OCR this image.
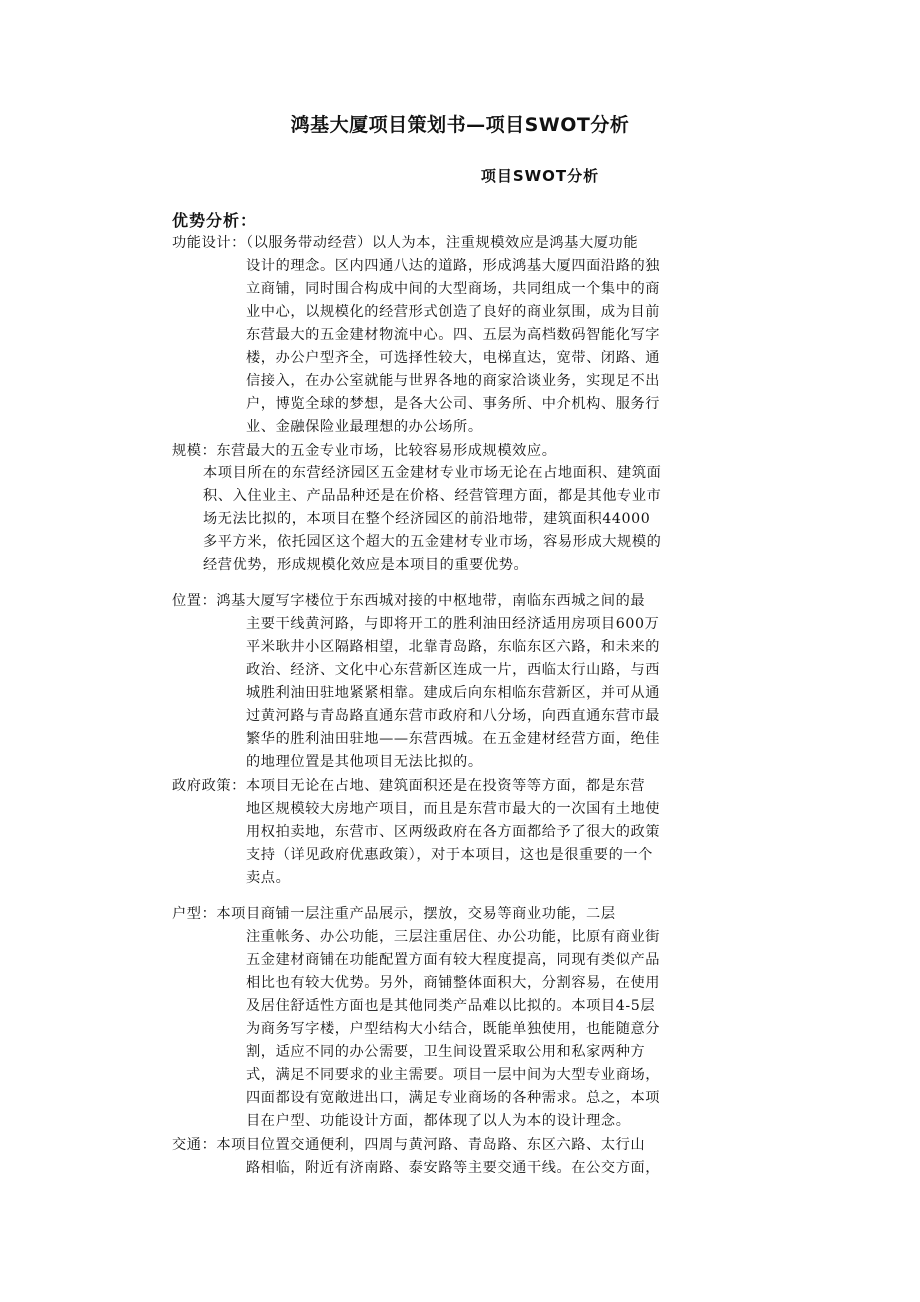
鸿基大厦项目策划书—项目SWOT分析
项目SWOT分析
优势分析：
功能设计：（以服务带动经营）以人为本，注重规模效应是鸿基大厦功能
设计的理念。区内四通八达的道路，形成鸿基大厦四面沿路的独
立商铺，同时围合构成中间的大型商场，共同组成一个集中的商
业中心，以规模化的经营形式创造了良好的商业氛围，成为目前
东营最大的五金建材物流中心。四、五层为高档数码智能化写字
楼，办公户型齐全，可选择性较大，电梯直达，宽带、闭路、通
信接入，在办公室就能与世界各地的商家洽谈业务，实现足不出
户，博览全球的梦想，是各大公司、事务所、中介机构、服务行
业、金融保险业最理想的办公场所。
规模：东营最大的五金专业市场，比较容易形成规模效应。
本项目所在的东营经济园区五金建材专业市场无论在占地面积、建筑面
积、入住业主、产品品种还是在价格、经营管理方面，都是其他专业市
场无法比拟的，本项目在整个经济园区的前沿地带，建筑面积44000
多平方米，依托园区这个超大的五金建材专业市场，容易形成大规模的
经营优势，形成规模化效应是本项目的重要优势。
位置：鸿基大厦写字楼位于东西城对接的中枢地带，南临东西城之间的最
主要干线黄河路，与即将开工的胜利油田经济适用房项目600万
平米耿井小区隔路相望，北靠青岛路，东临东区六路，和未来的
政治、经济、文化中心东营新区连成一片，西临太行山路，与西
城胜利油田驻地紧紧相靠。建成后向东相临东营新区，并可从通
过黄河路与青岛路直通东营市政府和八分场，向西直通东营市最
繁华的胜利油田驻地——东营西城。在五金建材经营方面，绝佳
的地理位置是其他项目无法比拟的。
政府政策：本项目无论在占地、建筑面积还是在投资等等方面，都是东营
地区规模较大房地产项目，而且是东营市最大的一次国有土地使
用权拍卖地，东营市、区两级政府在各方面都给予了很大的政策
支持（详见政府优惠政策），对于本项目，这也是很重要的一个
卖点。
户型：本项目商铺一层注重产品展示，摆放，交易等商业功能，二层
注重帐务、办公功能，三层注重居住、办公功能，比原有商业街
五金建材商铺在功能配置方面有较大程度提高，同现有类似产品
相比也有较大优势。另外，商铺整体面积大，分割容易，在使用
及居住舒适性方面也是其他同类产品难以比拟的。本项目4-5层
为商务写字楼，户型结构大小结合，既能单独使用，也能随意分
割，适应不同的办公需要，卫生间设置采取公用和私家两种方
式，满足不同要求的业主需要。项目一层中间为大型专业商场，
四面都设有宽敞进出口，满足专业商场的各种需求。总之，本项
目在户型、功能设计方面，都体现了以人为本的设计理念。
交通：本项目位置交通便利，四周与黄河路、青岛路、东区六路、太行山
路相临，附近有济南路、泰安路等主要交通干线。在公交方面，
